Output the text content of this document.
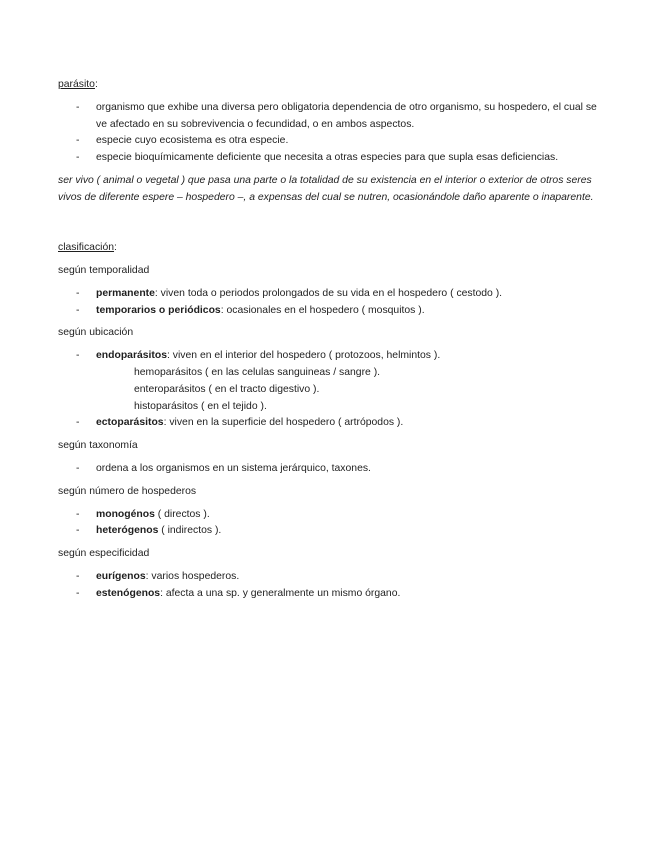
parásito:
- organismo que exhibe una diversa pero obligatoria dependencia de otro organismo, su hospedero, el cual se ve afectado en su sobrevivencia o fecundidad, o en ambos aspectos.
- especie cuyo ecosistema es otra especie.
- especie bioquímicamente deficiente que necesita a otras especies para que supla esas deficiencias.
ser vivo ( animal o vegetal ) que pasa una parte o la totalidad de su existencia en el interior o exterior de otros seres vivos de diferente espere – hospedero –, a expensas del cual se nutren, ocasionándole daño aparente o inaparente.
clasificación:
según temporalidad
- permanente: viven toda o periodos prolongados de su vida en el hospedero ( cestodo ).
- temporarios o periódicos: ocasionales en el hospedero ( mosquitos ).
según ubicación
- endoparásitos: viven en el interior del hospedero ( protozoos, helmintos ).
hemoparásitos ( en las celulas sanguineas / sangre ).
enteroparásitos ( en el tracto digestivo ).
histoparásitos ( en el tejido ).
- ectoparásitos: viven en la superficie del hospedero ( artrópodos ).
según taxonomía
- ordena a los organismos en un sistema jerárquico, taxones.
según número de hospederos
- monogénos ( directos ).
- heterógenos ( indirectos ).
según especificidad
- eurígenos: varios hospederos.
- estenógenos: afecta a una sp. y generalmente un mismo órgano.
